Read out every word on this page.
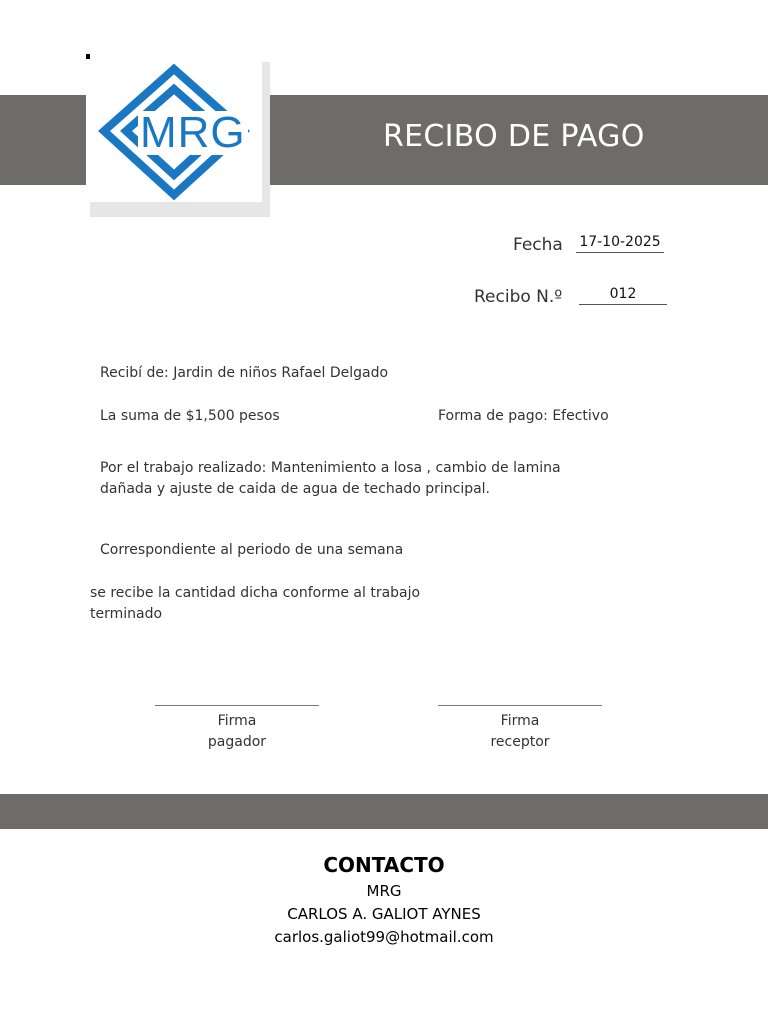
RECIBO DE PAGO
MRG
Fecha 17-10-2025
Recibo N.º	012
Recibí de: Jardin de niños Rafael Delgado
La suma de $1,500 pesos	Forma de pago: Efectivo
Por el trabajo realizado: Mantenimiento a losa , cambio de lamina
dañada y ajuste de caida de agua de techado principal.
Correspondiente al periodo de una semana
se recibe la cantidad dicha conforme al trabajo
terminado
Firma
pagador
Firma
receptor
CONTACTO
MRG
CARLOS A. GALIOT AYNES
carlos.galiot99@hotmail.com
